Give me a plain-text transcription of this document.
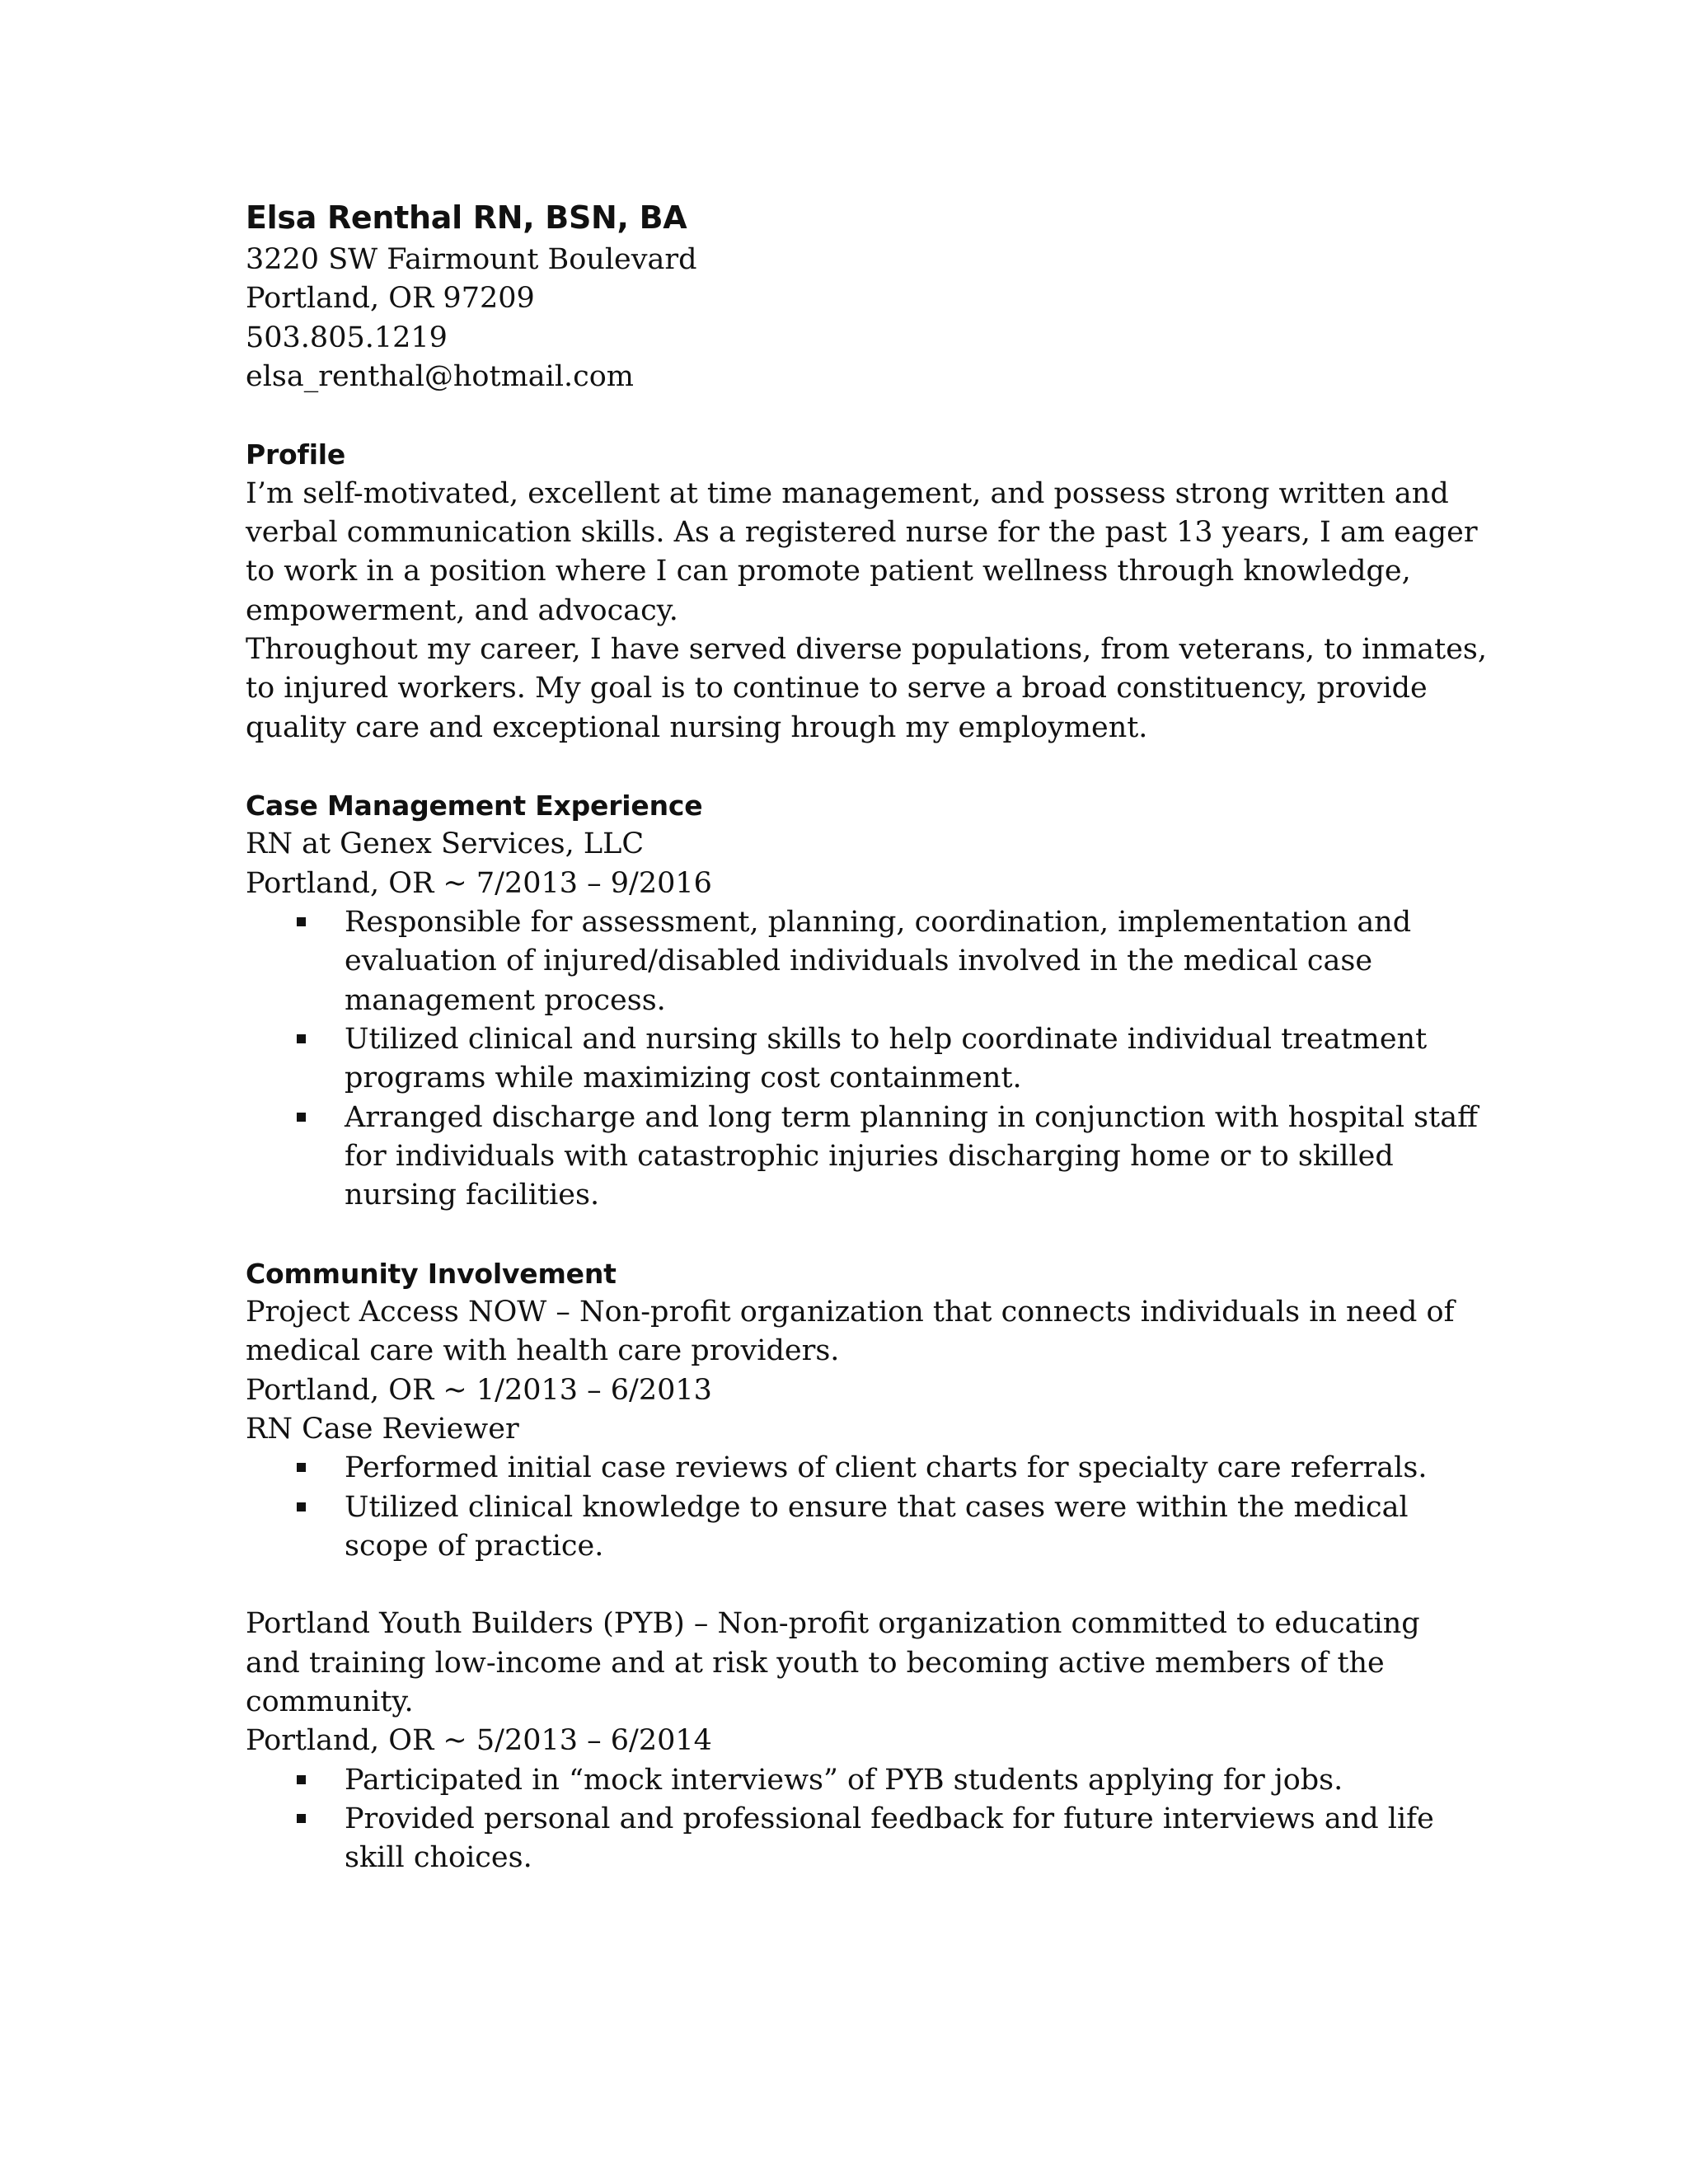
Elsa Renthal RN, BSN, BA
3220 SW Fairmount Boulevard
Portland, OR 97209
503.805.1219
elsa_renthal@hotmail.com
Profile
I’m self-motivated, excellent at time management, and possess strong written and
verbal communication skills. As a registered nurse for the past 13 years, I am eager
to work in a position where I can promote patient wellness through knowledge,
empowerment, and advocacy.
Throughout my career, I have served diverse populations, from veterans, to inmates,
to injured workers. My goal is to continue to serve a broad constituency, provide
quality care and exceptional nursing hrough my employment.
Case Management Experience
RN at Genex Services, LLC
Portland, OR ~ 7/2013 – 9/2016
Responsible for assessment, planning, coordination, implementation and
evaluation of injured/disabled individuals involved in the medical case
management process.
Utilized clinical and nursing skills to help coordinate individual treatment
programs while maximizing cost containment.
Arranged discharge and long term planning in conjunction with hospital staff
for individuals with catastrophic injuries discharging home or to skilled
nursing facilities.
Community Involvement
Project Access NOW – Non-profit organization that connects individuals in need of
medical care with health care providers.
Portland, OR ~ 1/2013 – 6/2013
RN Case Reviewer
Performed initial case reviews of client charts for specialty care referrals.
Utilized clinical knowledge to ensure that cases were within the medical
scope of practice.
Portland Youth Builders (PYB) – Non-profit organization committed to educating
and training low-income and at risk youth to becoming active members of the
community.
Portland, OR ~ 5/2013 – 6/2014
Participated in “mock interviews” of PYB students applying for jobs.
Provided personal and professional feedback for future interviews and life
skill choices.
